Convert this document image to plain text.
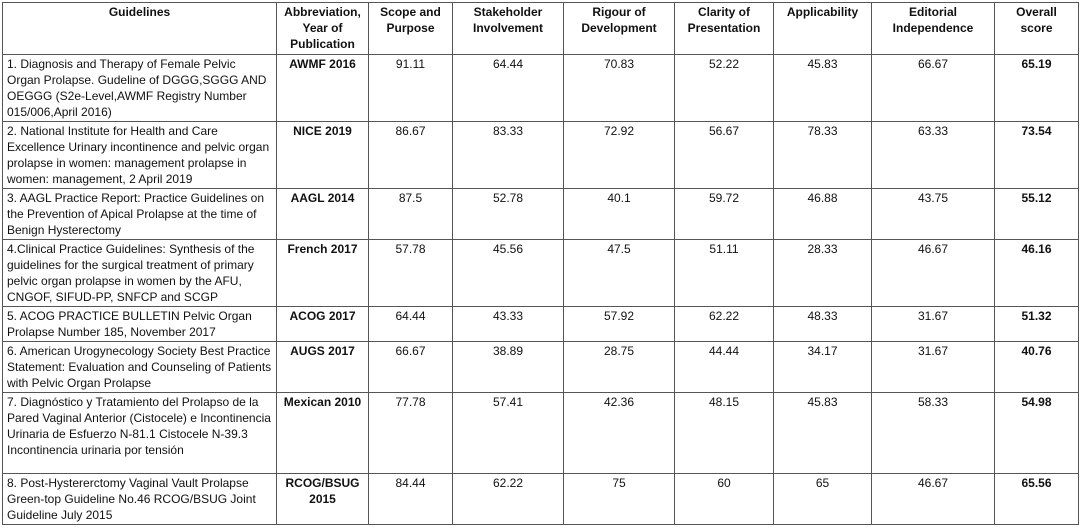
Guidelines	Abbreviation, Year of Publication	Scope and Purpose	Stakeholder Involvement	Rigour of Development	Clarity of Presentation	Applicability	Editorial Independence	Overall score
1. Diagnosis and Therapy of Female Pelvic Organ Prolapse. Gudeline of DGGG,SGGG AND OEGGG (S2e-Level,AWMF Registry Number 015/006,April 2016)	AWMF 2016	91.11	64.44	70.83	52.22	45.83	66.67	65.19
2. National Institute for Health and Care Excellence Urinary incontinence and pelvic organ prolapse in women: management prolapse in women: management, 2 April 2019	NICE 2019	86.67	83.33	72.92	56.67	78.33	63.33	73.54
3. AAGL Practice Report: Practice Guidelines on the Prevention of Apical Prolapse at the time of Benign Hysterectomy	AAGL 2014	87.5	52.78	40.1	59.72	46.88	43.75	55.12
4.Clinical Practice Guidelines: Synthesis of the guidelines for the surgical treatment of primary pelvic organ prolapse in women by the AFU, CNGOF, SIFUD-PP, SNFCP and SCGP	French 2017	57.78	45.56	47.5	51.11	28.33	46.67	46.16
5. ACOG PRACTICE BULLETIN Pelvic Organ Prolapse Number 185, November 2017	ACOG 2017	64.44	43.33	57.92	62.22	48.33	31.67	51.32
6. American Urogynecology Society Best Practice Statement: Evaluation and Counseling of Patients with Pelvic Organ Prolapse	AUGS 2017	66.67	38.89	28.75	44.44	34.17	31.67	40.76
7. Diagnóstico y Tratamiento del Prolapso de la Pared Vaginal Anterior (Cistocele) e Incontinencia Urinaria de Esfuerzo N-81.1 Cistocele N-39.3 Incontinencia urinaria por tensión	Mexican 2010	77.78	57.41	42.36	48.15	45.83	58.33	54.98
8. Post-Hystererctomy Vaginal Vault Prolapse Green-top Guideline No.46 RCOG/BSUG Joint Guideline July 2015	RCOG/BSUG 2015	84.44	62.22	75	60	65	46.67	65.56
